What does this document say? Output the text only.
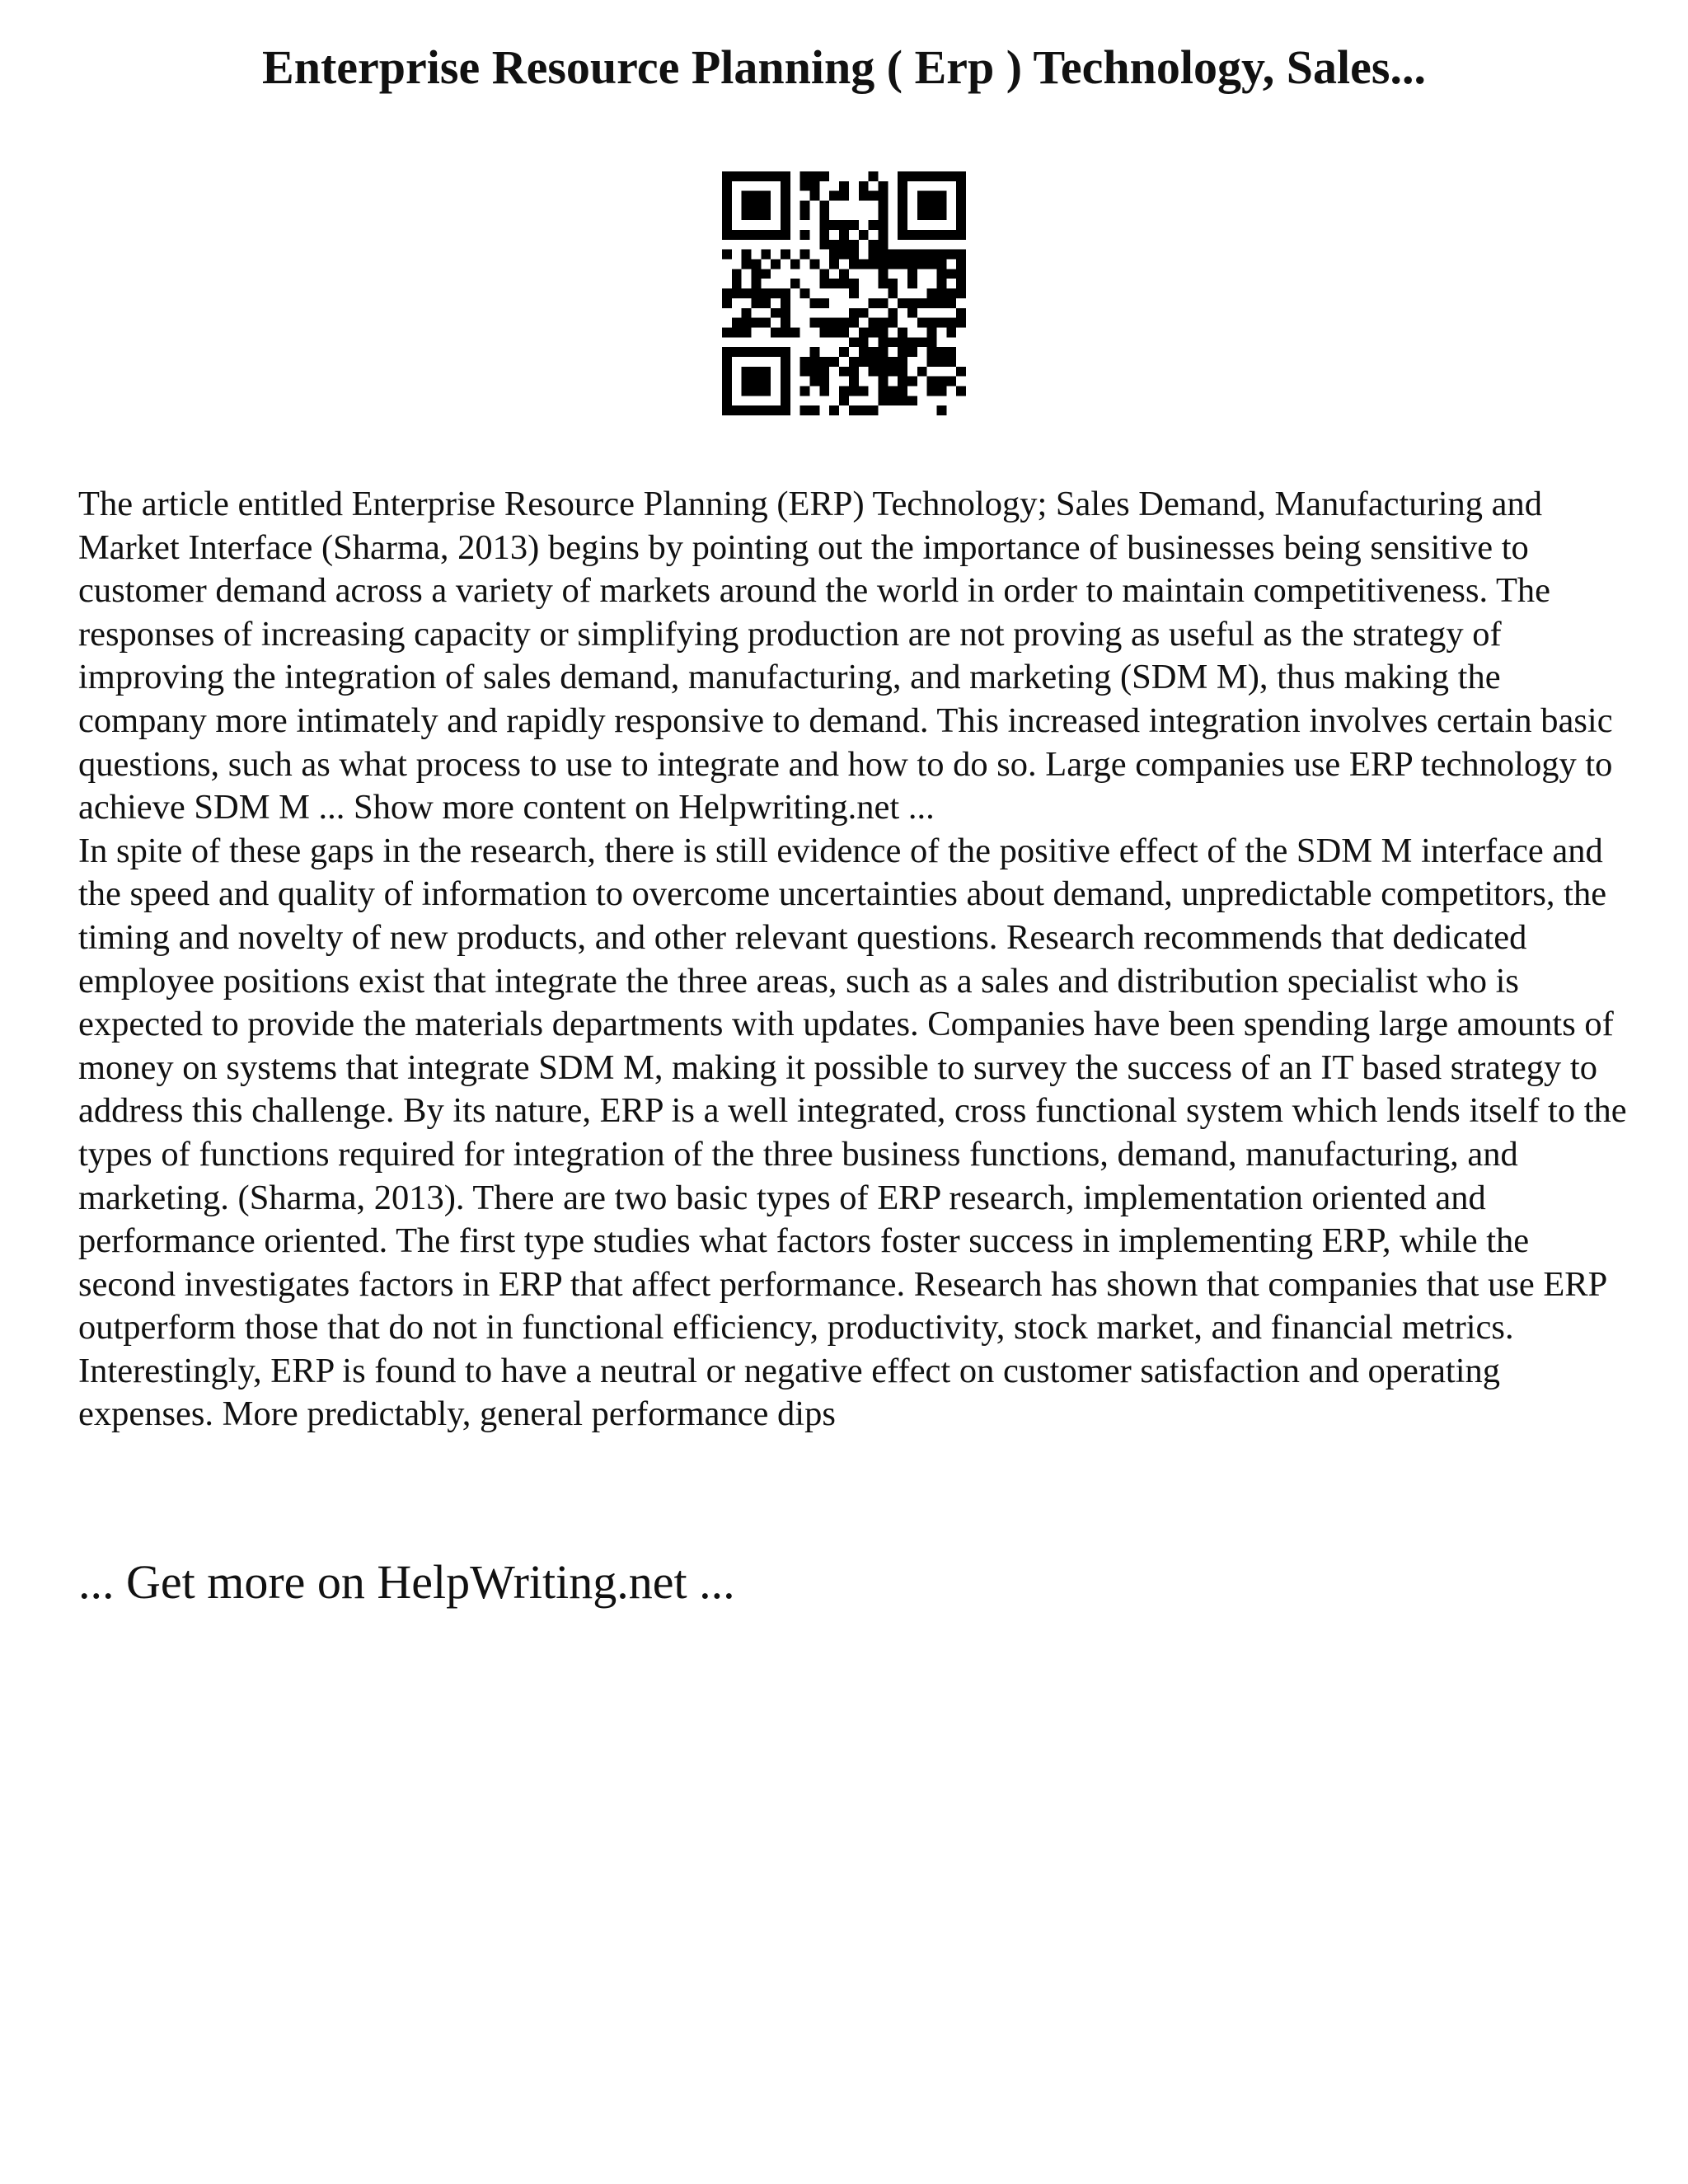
Enterprise Resource Planning ( Erp ) Technology, Sales...

The article entitled Enterprise Resource Planning (ERP) Technology; Sales Demand, Manufacturing and Market Interface (Sharma, 2013) begins by pointing out the importance of businesses being sensitive to customer demand across a variety of markets around the world in order to maintain competitiveness. The responses of increasing capacity or simplifying production are not proving as useful as the strategy of improving the integration of sales demand, manufacturing, and marketing (SDM M), thus making the company more intimately and rapidly responsive to demand. This increased integration involves certain basic questions, such as what process to use to integrate and how to do so. Large companies use ERP technology to achieve SDM M ... Show more content on Helpwriting.net ...

In spite of these gaps in the research, there is still evidence of the positive effect of the SDM M interface and the speed and quality of information to overcome uncertainties about demand, unpredictable competitors, the timing and novelty of new products, and other relevant questions. Research recommends that dedicated employee positions exist that integrate the three areas, such as a sales and distribution specialist who is expected to provide the materials departments with updates. Companies have been spending large amounts of money on systems that integrate SDM M, making it possible to survey the success of an IT based strategy to address this challenge. By its nature, ERP is a well integrated, cross functional system which lends itself to the types of functions required for integration of the three business functions, demand, manufacturing, and marketing. (Sharma, 2013). There are two basic types of ERP research, implementation oriented and performance oriented. The first type studies what factors foster success in implementing ERP, while the second investigates factors in ERP that affect performance. Research has shown that companies that use ERP outperform those that do not in functional efficiency, productivity, stock market, and financial metrics. Interestingly, ERP is found to have a neutral or negative effect on customer satisfaction and operating expenses. More predictably, general performance dips

... Get more on HelpWriting.net ...
